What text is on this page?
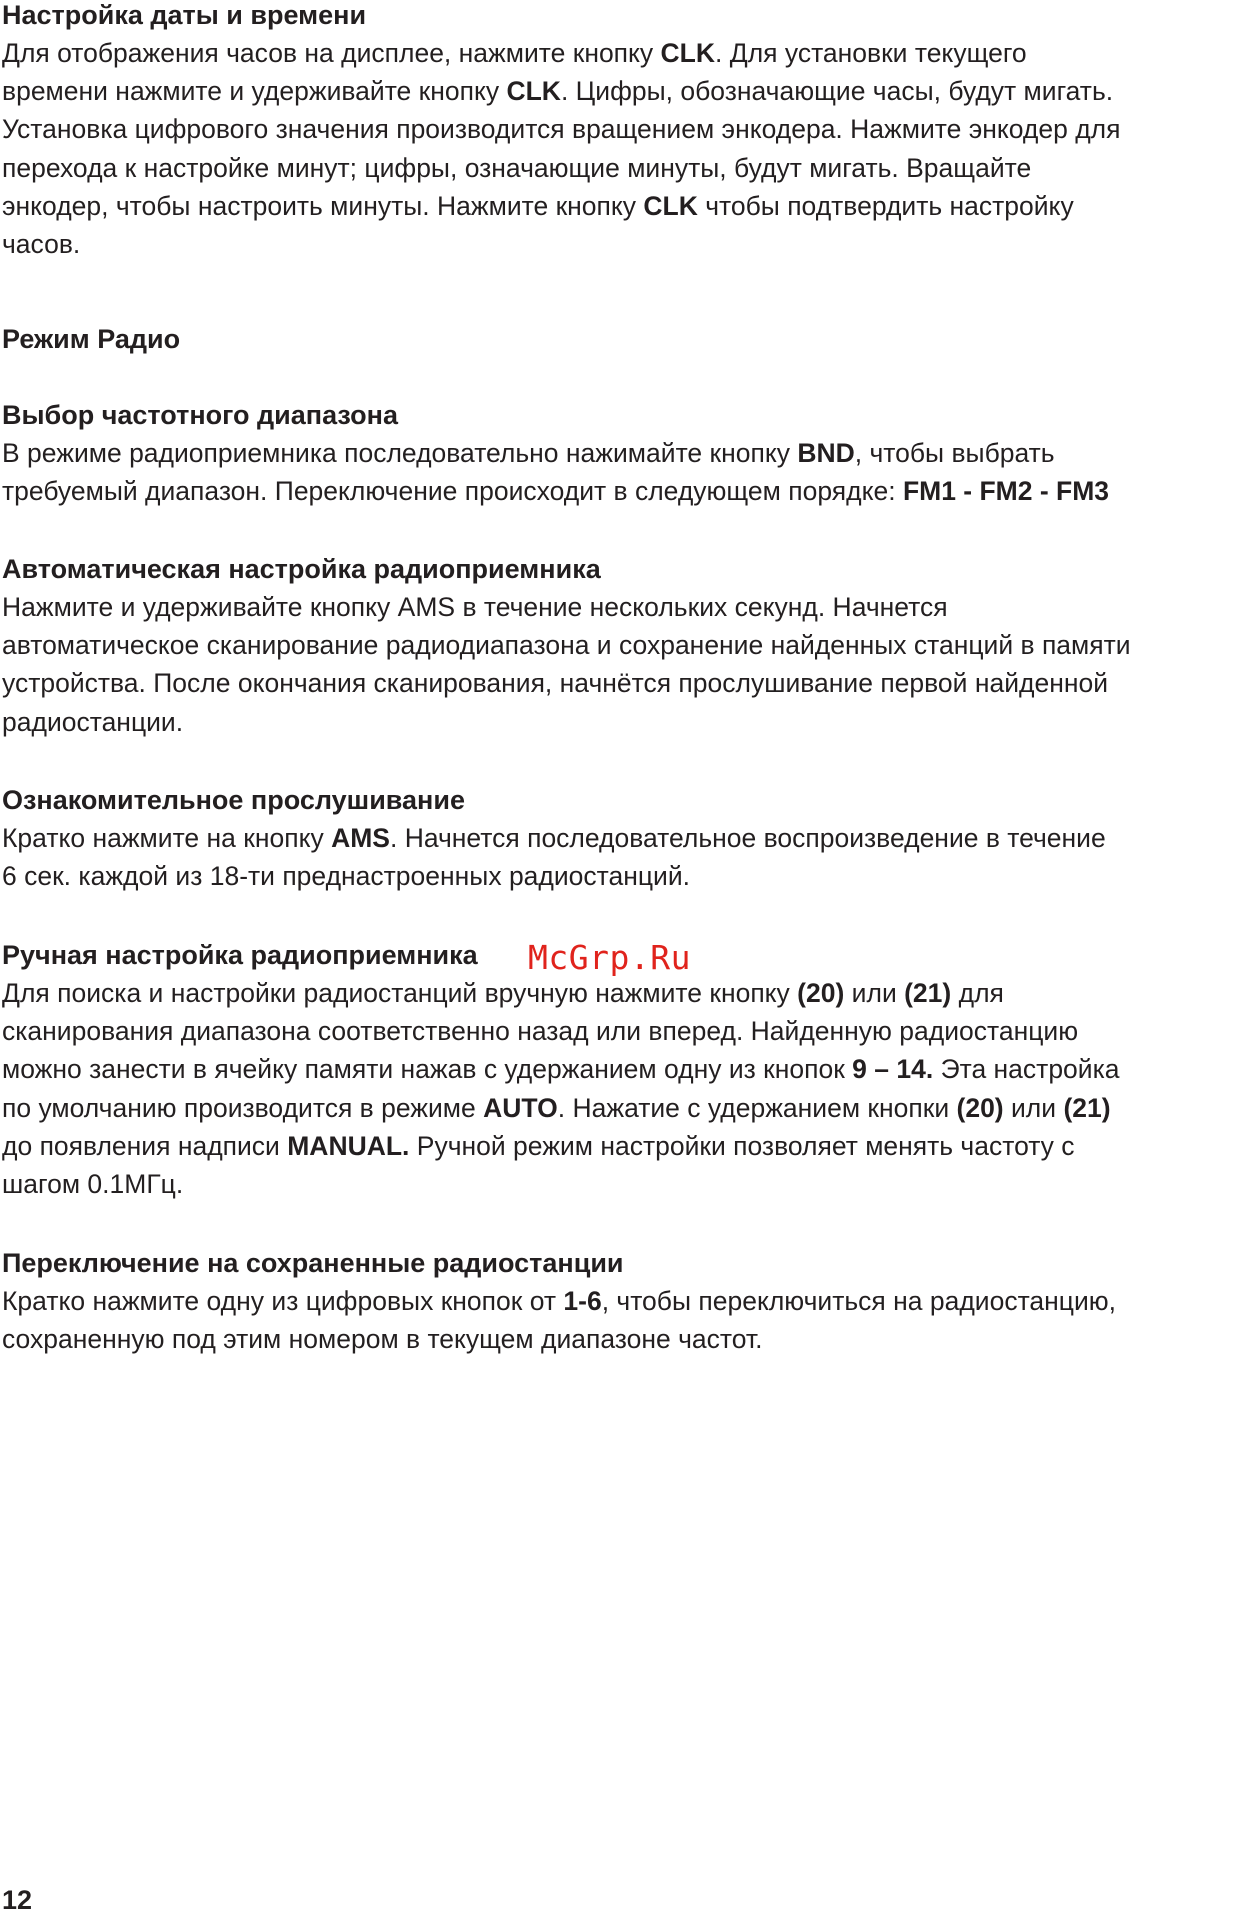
Настройка даты и времени
Для отображения часов на дисплее, нажмите кнопку CLK. Для установки текущего
времени нажмите и удерживайте кнопку CLK. Цифры, обозначающие часы, будут мигать.
Установка цифрового значения производится вращением энкодера. Нажмите энкодер для
перехода к настройке минут; цифры, означающие минуты, будут мигать. Вращайте
энкодер, чтобы настроить минуты. Нажмите кнопку CLK чтобы подтвердить настройку
часов.
Режим Радио
Выбор частотного диапазона
В режиме радиоприемника последовательно нажимайте кнопку BND, чтобы выбрать
требуемый диапазон. Переключение происходит в следующем порядке: FM1 - FM2 - FM3
Автоматическая настройка радиоприемника
Нажмите и удерживайте кнопку AMS в течение нескольких секунд. Начнется
автоматическое сканирование радиодиапазона и сохранение найденных станций в памяти
устройства. После окончания сканирования, начнётся прослушивание первой найденной
радиостанции.
Ознакомительное прослушивание
Кратко нажмите на кнопку AMS. Начнется последовательное воспроизведение в течение
6 сек. каждой из 18-ти преднастроенных радиостанций.
Ручная настройка радиоприемника
Для поиска и настройки радиостанций вручную нажмите кнопку (20) или (21) для
сканирования диапазона соответственно назад или вперед. Найденную радиостанцию
можно занести в ячейку памяти нажав с удержанием одну из кнопок 9 – 14. Эта настройка
по умолчанию производится в режиме AUTO. Нажатие с удержанием кнопки (20) или (21)
до появления надписи MANUAL. Ручной режим настройки позволяет менять частоту с
шагом 0.1МГц.
Переключение на сохраненные радиостанции
Кратко нажмите одну из цифровых кнопок от 1-6, чтобы переключиться на радиостанцию,
сохраненную под этим номером в текущем диапазоне частот.
McGrp.Ru
12
